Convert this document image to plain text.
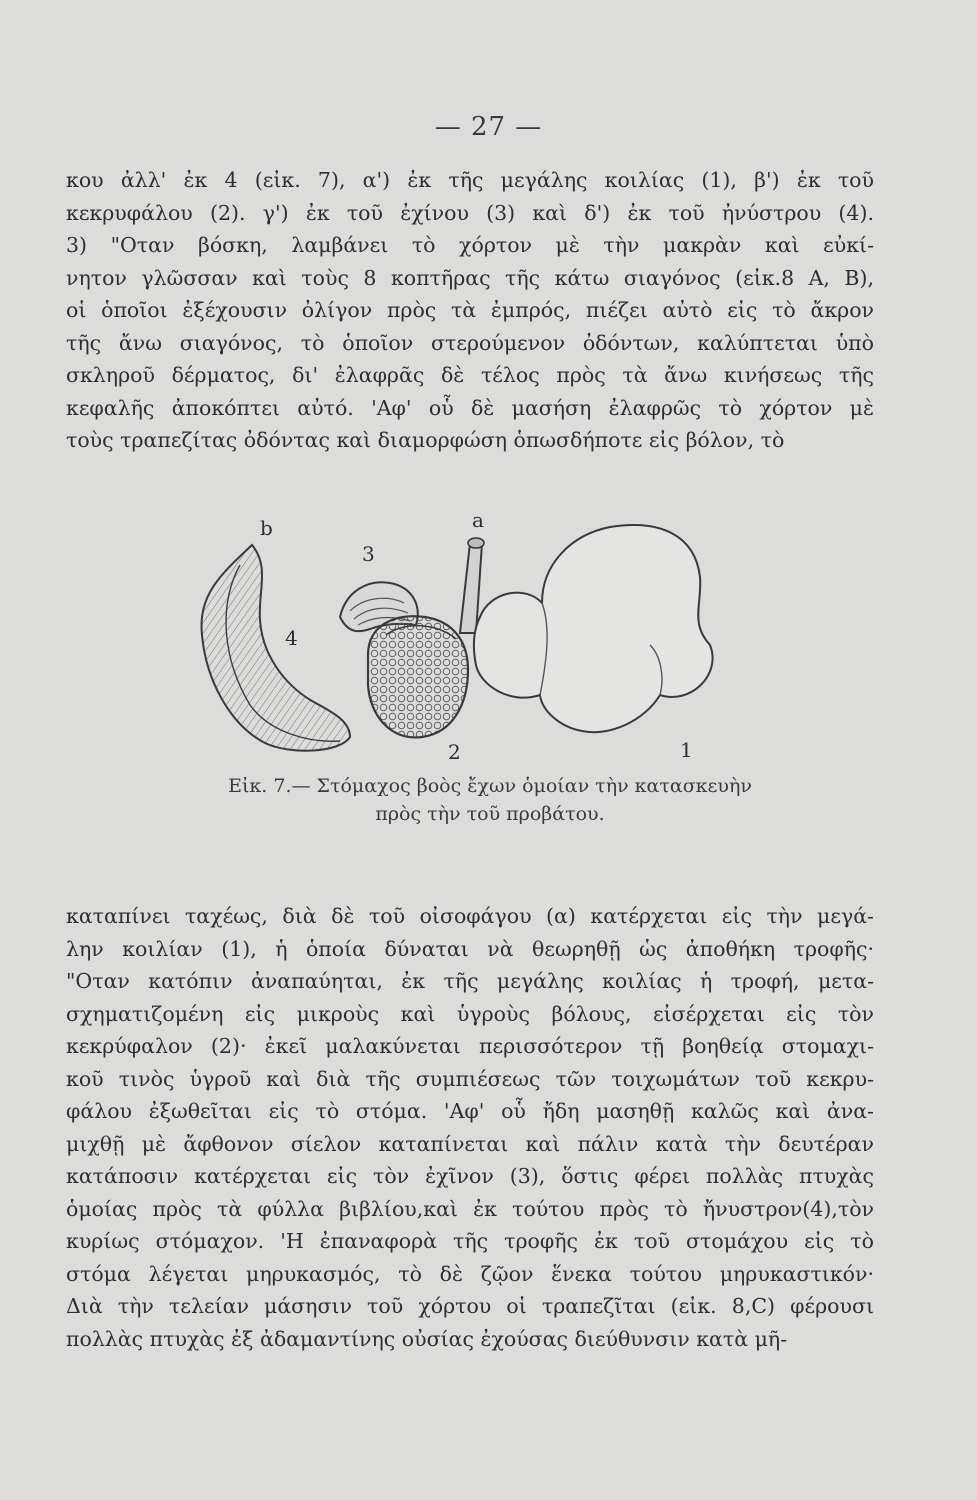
— 27 —

κου ἀλλ' ἐκ 4 (εἰκ. 7), α') ἐκ τῆς μεγάλης κοιλίας (1), β') ἐκ τοῦ
κεκρυφάλου (2). γ') ἐκ τοῦ ἐχίνου (3) καὶ δ') ἐκ τοῦ ἠνύστρου (4).
3) "Οταν βόσκη, λαμβάνει τὸ χόρτον μὲ τὴν μακρὰν καὶ εὐκί-
νητον γλῶσσαν καὶ τοὺς 8 κοπτῆρας τῆς κάτω σιαγόνος (εἰκ.8 Α, Β),
οἱ ὁποῖοι ἐξέχουσιν ὀλίγον πρὸς τὰ ἐμπρός, πιέζει αὐτὸ εἰς τὸ ἄκρον
τῆς ἄνω σιαγόνος, τὸ ὁποῖον στερούμενον ὀδόντων, καλύπτεται ὑπὸ
σκληροῦ δέρματος, δι' ἐλαφρᾶς δὲ τέλος πρὸς τὰ ἄνω κινήσεως τῆς
κεφαλῆς ἀποκόπτει αὐτό. 'Αφ' οὗ δὲ μασήση ἐλαφρῶς τὸ χόρτον μὲ
τοὺς τραπεζίτας ὀδόντας καὶ διαμορφώση ὁπωσδήποτε εἰς βόλον, τὸ

b
3
a
4
2	1
Εἰκ. 7.— Στόμαχος βοὸς ἔχων ὁμοίαν τὴν κατασκευὴν
πρὸς τὴν τοῦ προβάτου.

καταπίνει ταχέως, διὰ δὲ τοῦ οἰσοφάγου (α) κατέρχεται εἰς τὴν μεγά-
λην κοιλίαν (1), ἡ ὁποία δύναται νὰ θεωρηθῇ ὡς ἀποθήκη τροφῆς·
"Οταν κατόπιν ἀναπαύηται, ἐκ τῆς μεγάλης κοιλίας ἡ τροφή, μετα-
σχηματιζομένη εἰς μικροὺς καὶ ὑγροὺς βόλους, εἰσέρχεται εἰς τὸν
κεκρύφαλον (2)· ἐκεῖ μαλακύνεται περισσότερον τῇ βοηθείᾳ στομαχι-
κοῦ τινὸς ὑγροῦ καὶ διὰ τῆς συμπιέσεως τῶν τοιχωμάτων τοῦ κεκρυ-
φάλου ἐξωθεῖται εἰς τὸ στόμα. 'Αφ' οὗ ἤδη μασηθῇ καλῶς καὶ ἀνα-
μιχθῇ μὲ ἄφθονον σίελον καταπίνεται καὶ πάλιν κατὰ τὴν δευτέραν
κατάποσιν κατέρχεται εἰς τὸν ἐχῖνον (3), ὅστις φέρει πολλὰς πτυχὰς
ὁμοίας πρὸς τὰ φύλλα βιβλίου,καὶ ἐκ τούτου πρὸς τὸ ἤνυστρον(4),τὸν
κυρίως στόμαχον. 'Η ἐπαναφορὰ τῆς τροφῆς ἐκ τοῦ στομάχου εἰς τὸ
στόμα λέγεται μηρυκασμός, τὸ δὲ ζῷον ἕνεκα τούτου μηρυκαστικόν·
Διὰ τὴν τελείαν μάσησιν τοῦ χόρτου οἱ τραπεζῖται (εἰκ. 8,C) φέρουσι
πολλὰς πτυχὰς ἐξ ἀδαμαντίνης οὐσίας ἐχούσας διεύθυνσιν κατὰ μῆ-
